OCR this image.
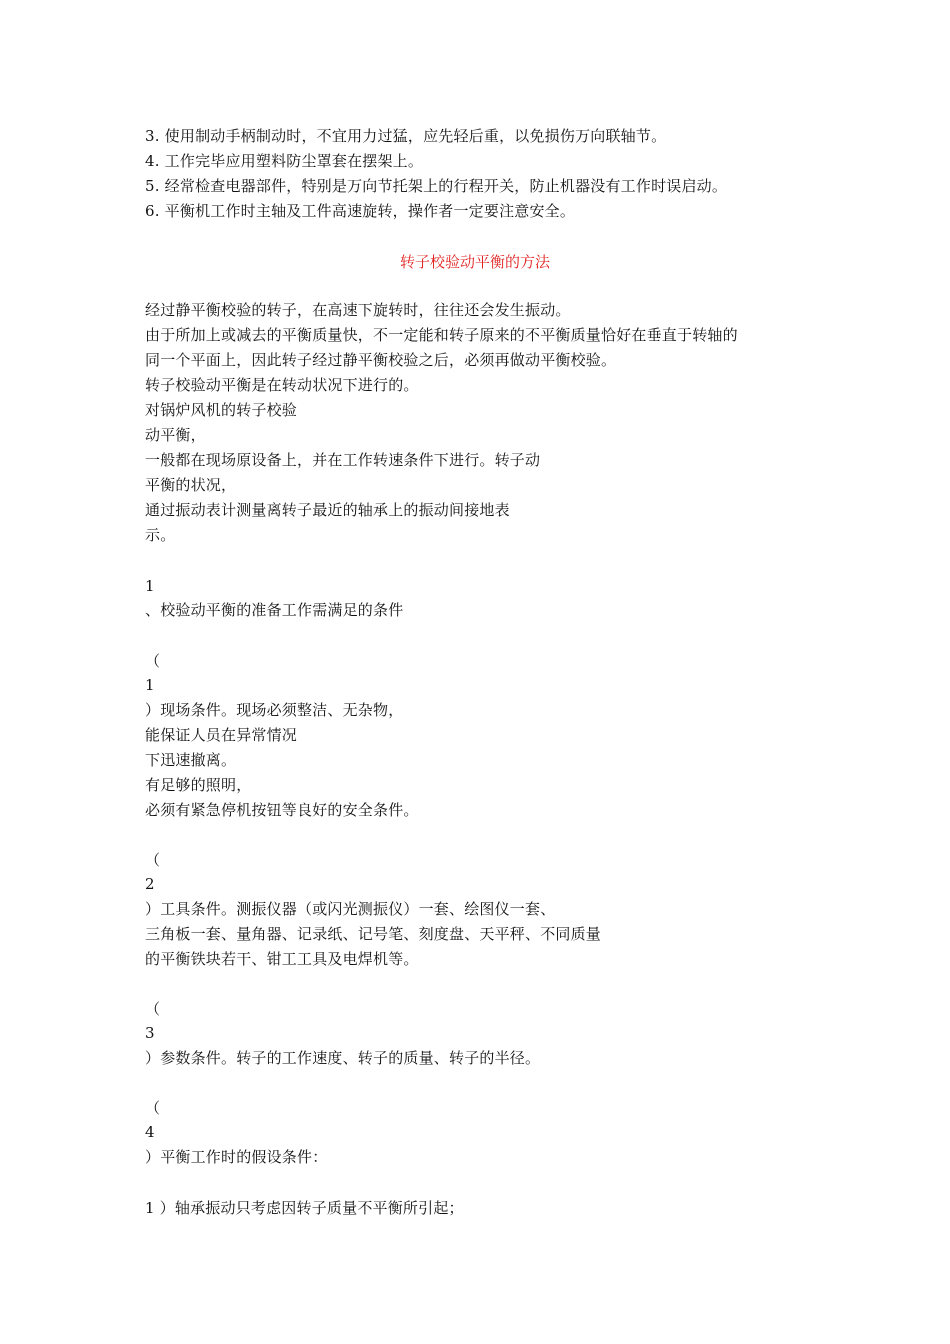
3. 使用制动手柄制动时，不宜用力过猛，应先轻后重，以免损伤万向联轴节。
4. 工作完毕应用塑料防尘罩套在摆架上。
5. 经常检查电器部件，特别是万向节托架上的行程开关，防止机器没有工作时误启动。
6. 平衡机工作时主轴及工件高速旋转，操作者一定要注意安全。
转子校验动平衡的方法
经过静平衡校验的转子，在高速下旋转时，往往还会发生振动。
由于所加上或减去的平衡质量快，不一定能和转子原来的不平衡质量恰好在垂直于转轴的
同一个平面上，因此转子经过静平衡校验之后，必须再做动平衡校验。
转子校验动平衡是在转动状况下进行的。
对锅炉风机的转子校验
动平衡，
一般都在现场原设备上，并在工作转速条件下进行。转子动
平衡的状况，
通过振动表计测量离转子最近的轴承上的振动间接地表
示。
1
、校验动平衡的准备工作需满足的条件
（
1
）现场条件。现场必须整洁、无杂物，
能保证人员在异常情况
下迅速撤离。
有足够的照明，
必须有紧急停机按钮等良好的安全条件。
（
2
）工具条件。测振仪器（或闪光测振仪）一套、绘图仪一套、
三角板一套、量角器、记录纸、记号笔、刻度盘、天平秤、不同质量
的平衡铁块若干、钳工工具及电焊机等。
（
3
）参数条件。转子的工作速度、转子的质量、转子的半径。
（
4
）平衡工作时的假设条件：
1 ）轴承振动只考虑因转子质量不平衡所引起；
